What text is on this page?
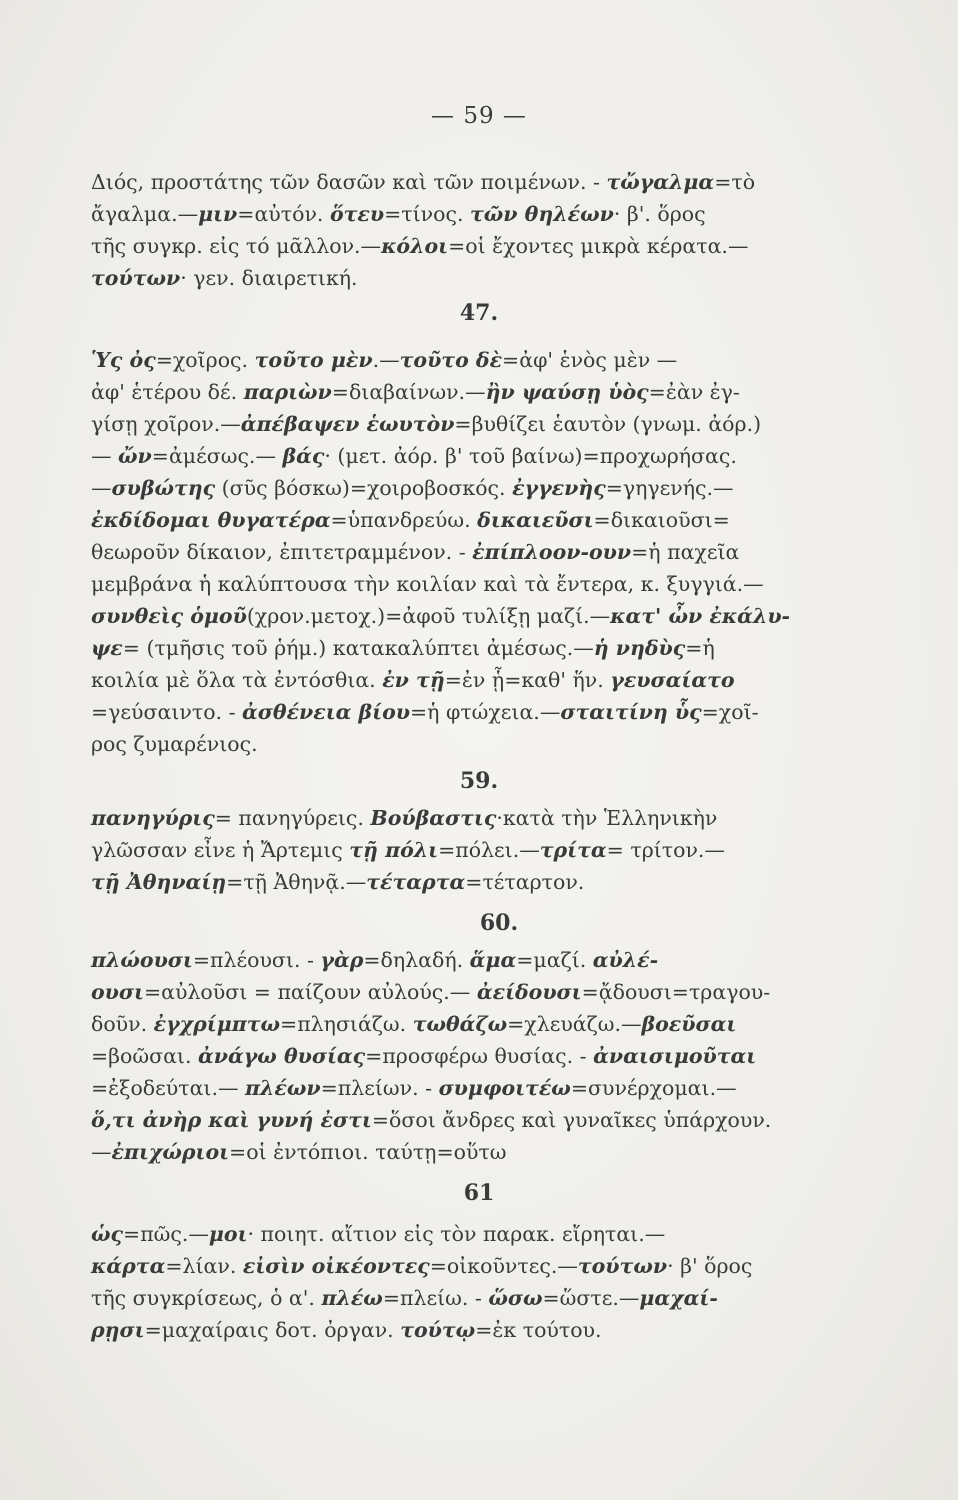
— 59 —
Διός, προστάτης τῶν δασῶν καὶ τῶν ποιμένων. - τὤγαλμα=τὸ
ἄγαλμα.—μιν=αὐτόν. ὅτευ=τίνος. τῶν θηλέων· β'. ὅρος
τῆς συγκρ. εἰς τό μᾶλλον.—κόλοι=οἱ ἔχοντες μικρὰ κέρατα.—
τούτων· γεν. διαιρετική.
47.
Ὑς ὀς=χοῖρος. τοῦτο μὲν.—τοῦτο δὲ=ἀφ' ἑνὸς μὲν —
ἀφ' ἑτέρου δέ. παριὼν=διαβαίνων.—ἢν ψαύσῃ ὑὸς=ἐὰν ἐγ-
γίσῃ χοῖρον.—ἀπέβαψεν ἑωυτὸν=βυθίζει ἑαυτὸν (γνωμ. ἀόρ.)
— ὤν=ἀμέσως.— βάς· (μετ. ἀόρ. β' τοῦ βαίνω)=προχωρήσας.
—συβώτης (σῦς βόσκω)=χοιροβοσκός. ἐγγενὴς=γηγενής.—
ἐκδίδομαι θυγατέρα=ὑπανδρεύω. δικαιεῦσι=δικαιοῦσι=
θεωροῦν δίκαιον, ἐπιτετραμμένον. - ἐπίπλοον-ουν=ἡ παχεῖα
μεμβράνα ἡ καλύπτουσα τὴν κοιλίαν καὶ τὰ ἔντερα, κ. ξυγγιά.—
συνθεὶς ὁμοῦ(χρον.μετοχ.)=ἀφοῦ τυλίξῃ μαζί.—κατ' ὦν ἐκάλυ-
ψε= (τμῆσις τοῦ ῥήμ.) κατακαλύπτει ἀμέσως.—ἡ νηδὺς=ἡ
κοιλία μὲ ὅλα τὰ ἐντόσθια. ἐν τῇ=ἐν ᾗ=καθ' ἥν. γευσαίατο
=γεύσαιντο. - ἀσθένεια βίου=ἡ φτώχεια.—σταιτίνη ὗς=χοῖ-
ρος ζυμαρένιος.
59.
πανηγύρις= πανηγύρεις. Βούβαστις·κατὰ τὴν Ἑλληνικὴν
γλῶσσαν εἶνε ἡ Ἄρτεμις τῇ πόλι=πόλει.—τρίτα= τρίτον.—
τῇ Ἀθηναίῃ=τῇ Ἀθηνᾷ.—τέταρτα=τέταρτον.
60.
πλώουσι=πλέουσι. - γὰρ=δηλαδή. ἅμα=μαζί. αὐλέ-
ουσι=αὐλοῦσι = παίζουν αὐλούς.— ἀείδουσι=ᾄδουσι=τραγου-
δοῦν. ἐγχρίμπτω=πλησιάζω. τωθάζω=χλευάζω.—βοεῦσαι
=βοῶσαι. ἀνάγω θυσίας=προσφέρω θυσίας. - ἀναισιμοῦται
=ἐξοδεύται.— πλέων=πλείων. - συμφοιτέω=συνέρχομαι.—
ὅ,τι ἀνὴρ καὶ γυνή ἐστι=ὅσοι ἄνδρες καὶ γυναῖκες ὑπάρχουν.
—ἐπιχώριοι=οἱ ἐντόπιοι. ταύτῃ=οὕτω
61
ὡς=πῶς.—μοι· ποιητ. αἴτιον εἰς τὸν παρακ. εἴρηται.—
κάρτα=λίαν. εἰσὶν οἰκέοντες=οἰκοῦντες.—τούτων· β' ὅρος
τῆς συγκρίσεως, ὁ α'. πλέω=πλείω. - ὥσω=ὥστε.—μαχαί-
ρῃσι=μαχαίραις δοτ. ὀργαν. τούτῳ=ἐκ τούτου.
